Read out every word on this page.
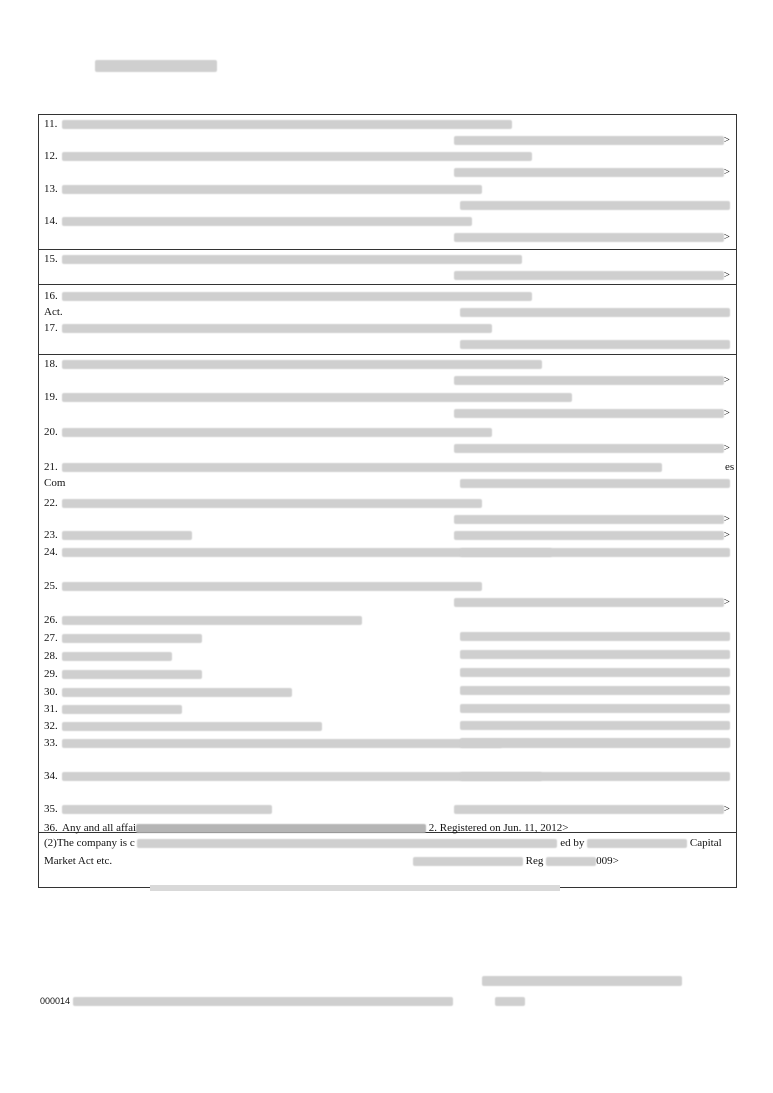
11.
>
12.
>
13.
14.
>
15.
>
16.
Act.
17.
18.
>
19.
>
20.
>
21.	es
Com
22.
>
23.	>
24.
25.
>
26.
27.
28.
29.
30.
31.
32.
33.
34.
35.	>
36. Any and all affai	2. Registered on Jun. 11, 2012>
(2)The company is c	ed by	Capital
Market Act etc.	Reg	009>
000014
